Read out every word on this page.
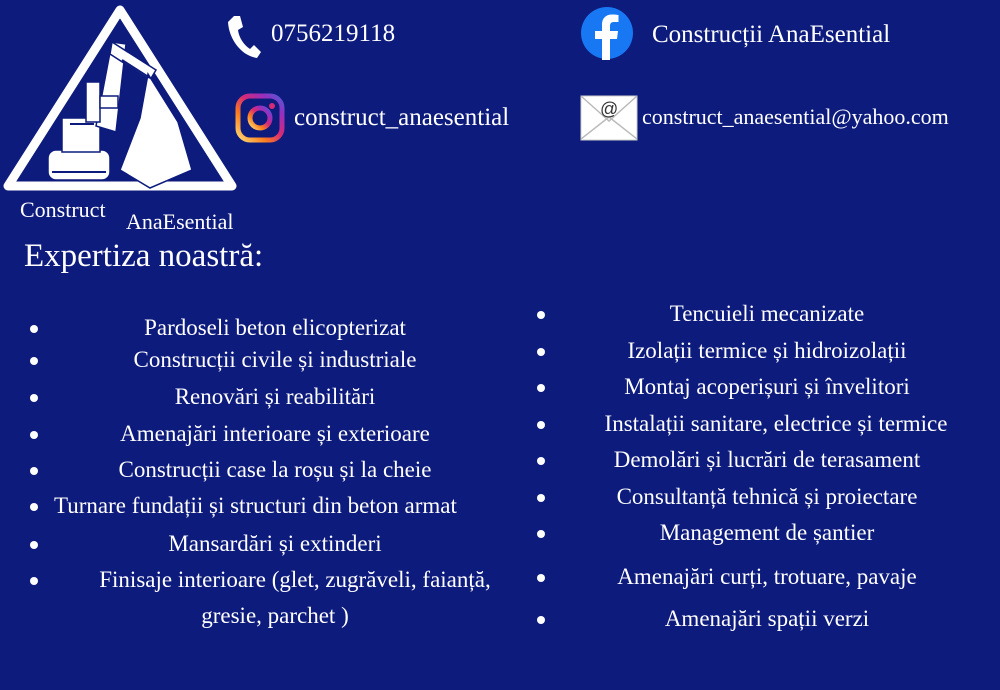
Construct AnaEsential
0756219118	Construcții AnaEsential
construct_anaesential	@ construct_anaesential@yahoo.com
Expertiza noastră:
Pardoseli beton elicopterizat
Construcții civile și industriale
Renovări și reabilitări
Amenajări interioare și exterioare
Construcții case la roșu și la cheie
Turnare fundații și structuri din beton armat
Mansardări și extinderi
Finisaje interioare (glet, zugrăveli, faianță,
gresie, parchet )
Tencuieli mecanizate
Izolații termice și hidroizolații
Montaj acoperișuri și învelitori
Instalații sanitare, electrice și termice
Demolări și lucrări de terasament
Consultanță tehnică și proiectare
Management de șantier
Amenajări curți, trotuare, pavaje
Amenajări spații verzi
